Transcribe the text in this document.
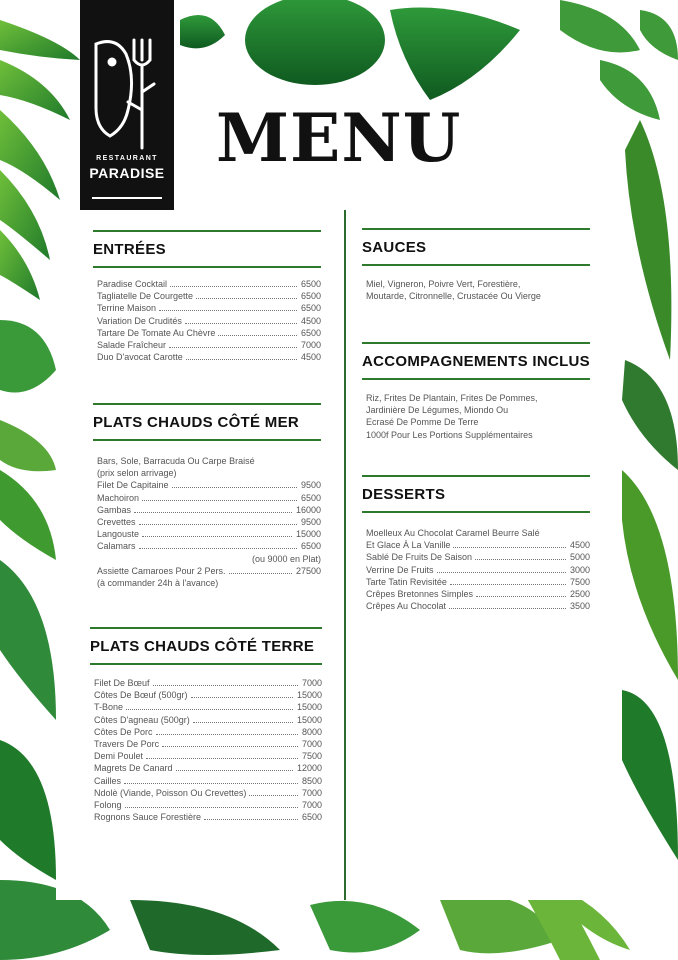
RESTAURANT
PARADISE MENU
ENTRÉES
Paradise Cocktail	6500
Tagliatelle De Courgette	6500
Terrine Maison	6500
Variation De Crudités	4500
Tartare De Tomate Au Chèvre	6500
Salade Fraîcheur	7000
Duo D'avocat Carotte	4500
PLATS CHAUDS CÔTÉ MER
Bars, Sole, Barracuda Ou Carpe Braisé
(prix selon arrivage)
Filet De Capitaine	9500
Machoiron	6500
Gambas	16000
Crevettes	9500
Langouste	15000
Calamars	6500
(ou 9000 en Plat)
Assiette Camaroes Pour 2 Pers.	27500
(à commander 24h à l'avance)
PLATS CHAUDS CÔTÉ TERRE
Filet De Bœuf	7000
Côtes De Bœuf (500gr)	15000
T-Bone	15000
Côtes D'agneau (500gr)	15000
Côtes De Porc	8000
Travers De Porc	7000
Demi Poulet	7500
Magrets De Canard	12000
Cailles	8500
Ndolè (Viande, Poisson Ou Crevettes)	7000
Folong	7000
Rognons Sauce Forestière	6500
SAUCES
Miel, Vigneron, Poivre Vert, Forestière,
Moutarde, Citronnelle, Crustacée Ou Vierge
ACCOMPAGNEMENTS INCLUS
Riz, Frites De Plantain, Frites De Pommes,
Jardinière De Légumes, Miondo Ou
Ecrasé De Pomme De Terre
1000f Pour Les Portions Supplémentaires
DESSERTS
Moelleux Au Chocolat Caramel Beurre Salé
Et Glace À La Vanille	4500
Sablé De Fruits De Saison	5000
Verrine De Fruits	3000
Tarte Tatin Revisitée	7500
Crêpes Bretonnes Simples	2500
Crêpes Au Chocolat	3500
